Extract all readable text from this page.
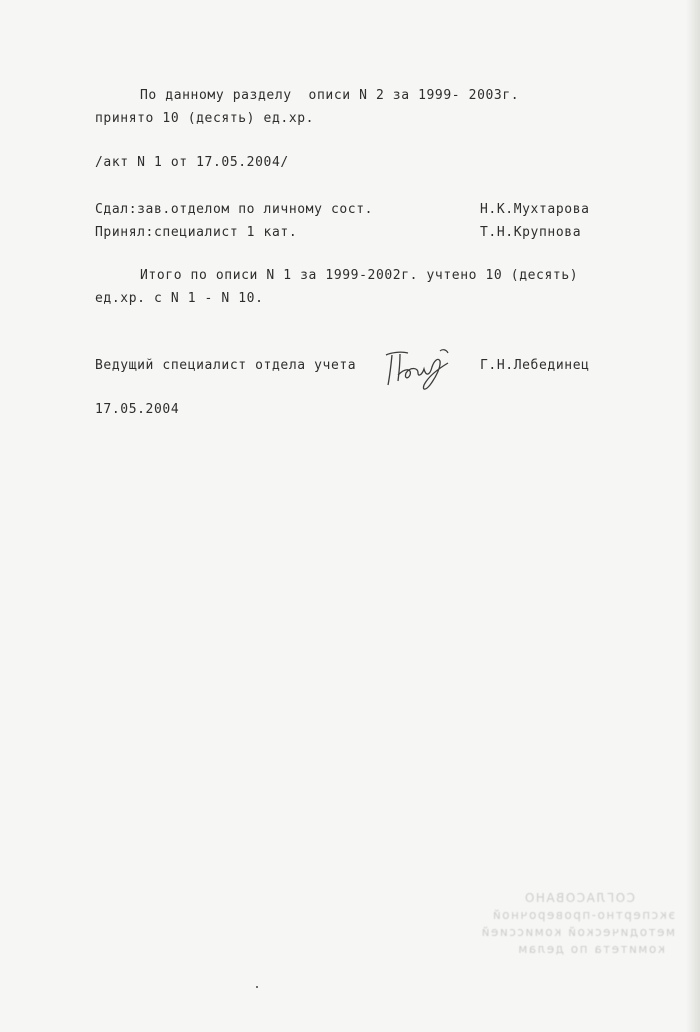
По данному разделу  описи N 2 за 1999- 2003г.
принято 10 (десять) ед.хр.
/акт N 1 от 17.05.2004/
Сдал:зав.отделом по личному сост.	Н.К.Мухтарова
Принял:специалист 1 кат.	Т.Н.Крупнова
Итого по описи N 1 за 1999-2002г. учтено 10 (десять)
ед.хр. с N 1 - N 10.
Ведущий специалист отдела учета	Г.Н.Лебединец
17.05.2004
СОГЛАСОВАНО
экспертно-проверочной
методической комиссией
комитета по делам
